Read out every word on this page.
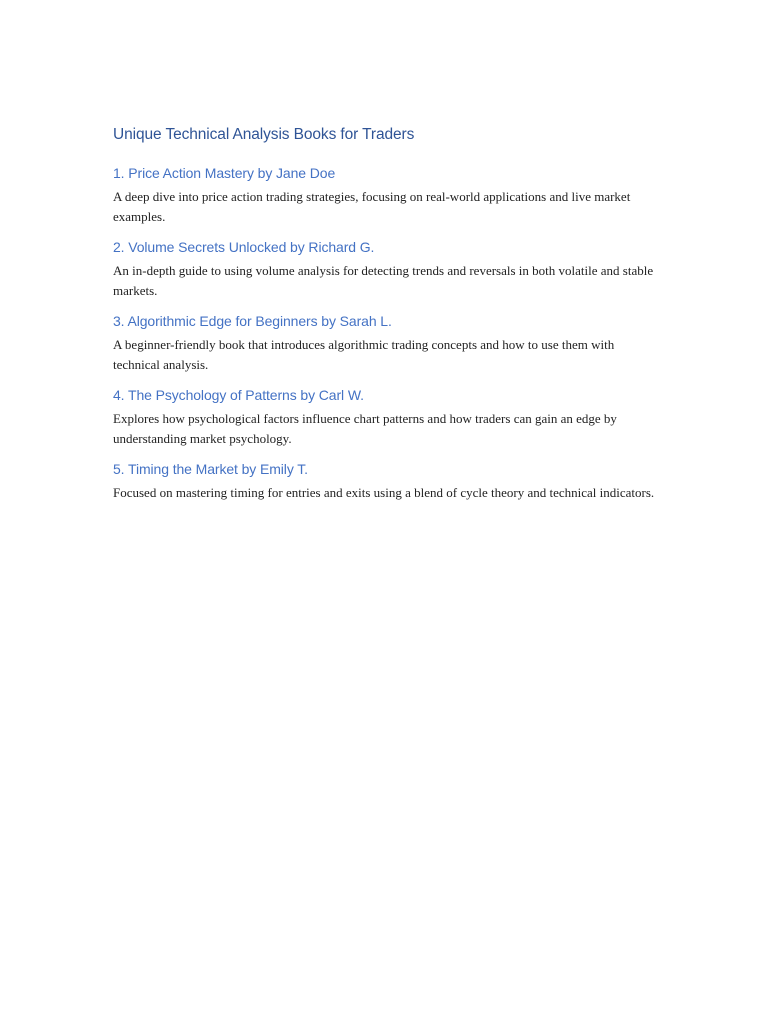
Unique Technical Analysis Books for Traders
1. Price Action Mastery by Jane Doe

A deep dive into price action trading strategies, focusing on real-world applications and live market examples.

2. Volume Secrets Unlocked by Richard G.

An in-depth guide to using volume analysis for detecting trends and reversals in both volatile and stable markets.

3. Algorithmic Edge for Beginners by Sarah L.

A beginner-friendly book that introduces algorithmic trading concepts and how to use them with technical analysis.

4. The Psychology of Patterns by Carl W.

Explores how psychological factors influence chart patterns and how traders can gain an edge by understanding market psychology.

5. Timing the Market by Emily T.

Focused on mastering timing for entries and exits using a blend of cycle theory and technical indicators.
